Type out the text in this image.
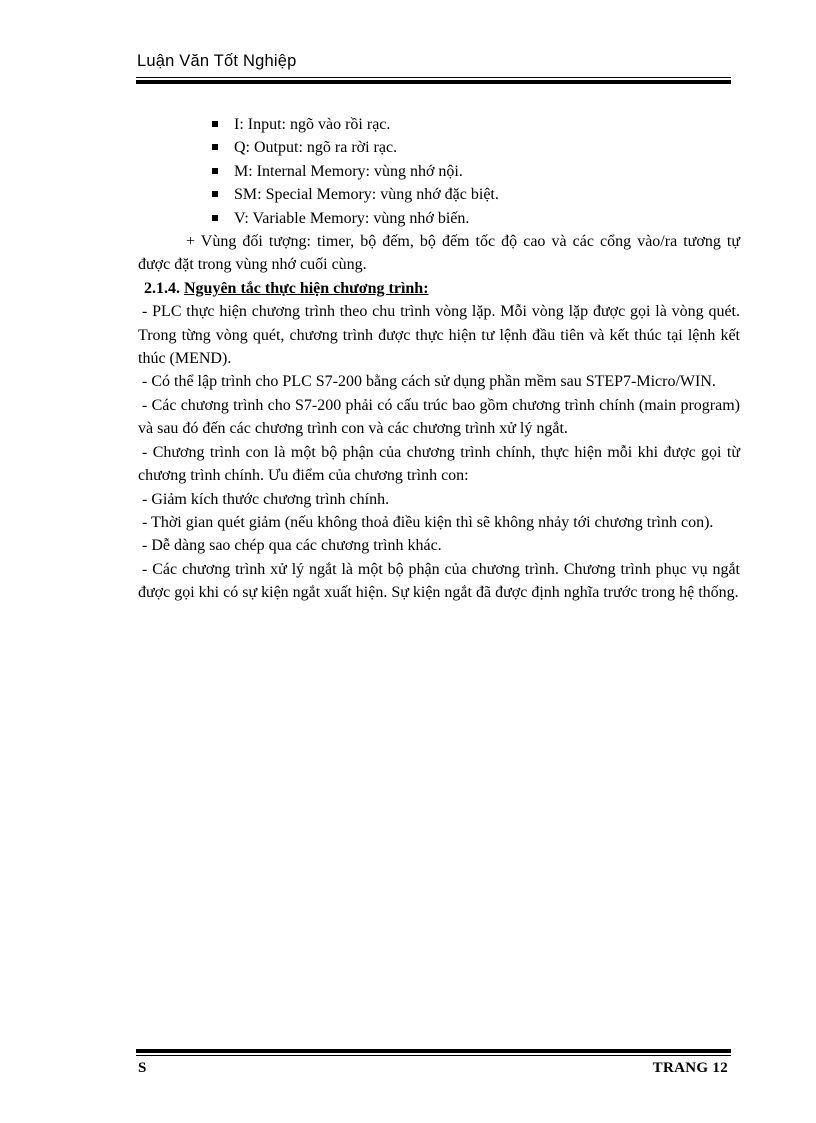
Luận Văn Tốt Nghiệp
I: Input: ngõ vào rồi rạc.
Q: Output: ngõ ra rời rạc.
M: Internal Memory: vùng nhớ nội.
SM: Special Memory: vùng nhớ đặc biệt.
V: Variable Memory: vùng nhớ biến.

+ Vùng đối tượng: timer, bộ đếm, bộ đếm tốc độ cao và các cổng vào/ra tương tự được đặt trong vùng nhớ cuối cùng.

2.1.4. Nguyên tắc thực hiện chương trình:

- PLC thực hiện chương trình theo chu trình vòng lặp. Mỗi vòng lặp được gọi là vòng quét. Trong từng vòng quét, chương trình được thực hiện tư lệnh đầu tiên và kết thúc tại lệnh kết thúc (MEND).

- Có thể lập trình cho PLC S7-200 bằng cách sử dụng phần mềm sau STEP7-Micro/WIN.

- Các chương trình cho S7-200 phải có cấu trúc bao gồm chương trình chính (main program) và sau đó đến các chương trình con và các chương trình xử lý ngắt.

- Chương trình con là một bộ phận của chương trình chính, thực hiện mỗi khi được gọi từ chương trình chính. Ưu điểm của chương trình con:

- Giảm kích thước chương trình chính.

- Thời gian quét giảm (nếu không thoả điều kiện thì sẽ không nhảy tới chương trình con).

- Dễ dàng sao chép qua các chương trình khác.

- Các chương trình xử lý ngắt là một bộ phận của chương trình. Chương trình phục vụ ngắt được gọi khi có sự kiện ngắt xuất hiện. Sự kiện ngắt đã được định nghĩa trước trong hệ thống.

S	TRANG 12
